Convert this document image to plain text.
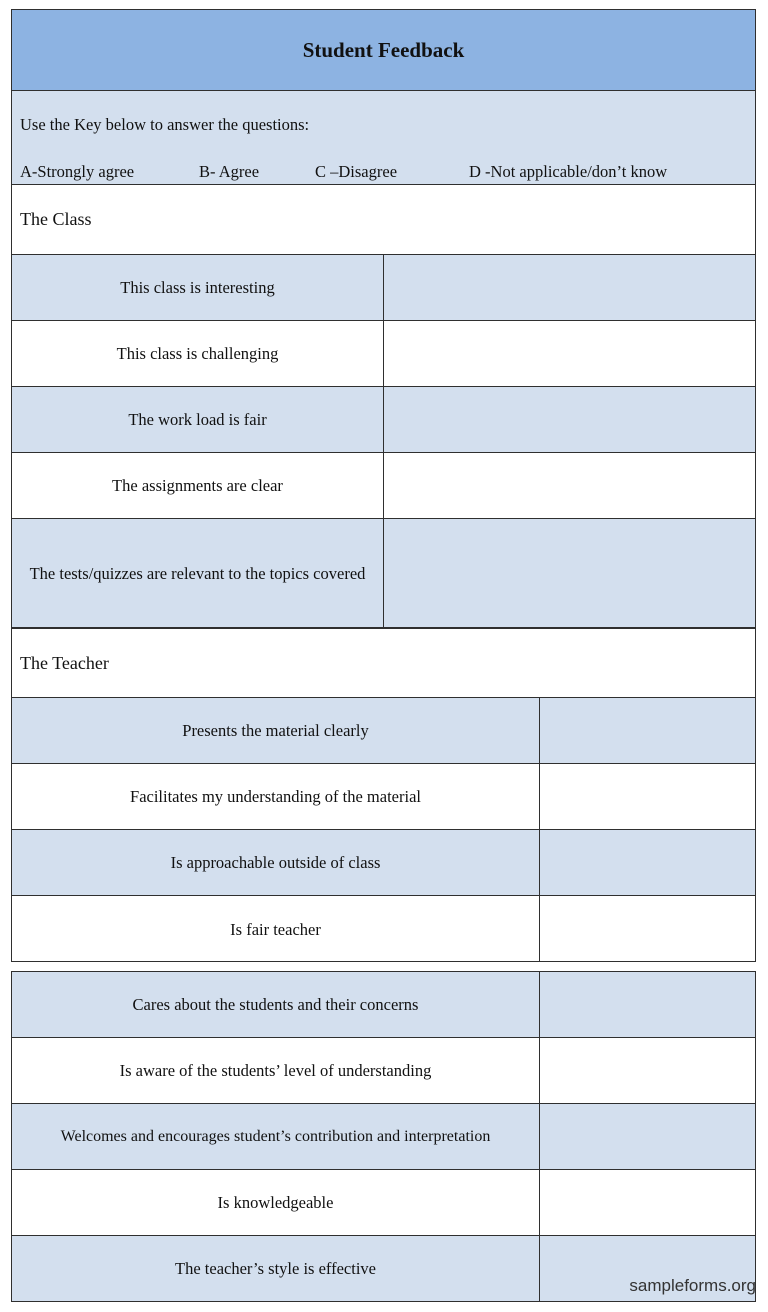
Student Feedback
Use the Key below to answer the questions:
A-Strongly agree	B- Agree	C –Disagree	D -Not applicable/don’t know
The Class
This class is interesting
This class is challenging
The work load is fair
The assignments are clear
The tests/quizzes are relevant to the topics covered
The Teacher
Presents the material clearly
Facilitates my understanding of the material
Is approachable outside of class
Is fair teacher
Cares about the students and their concerns
Is aware of the students’ level of understanding
Welcomes and encourages student’s contribution and interpretation
Is knowledgeable
The teacher’s style is effective
sampleforms.org
